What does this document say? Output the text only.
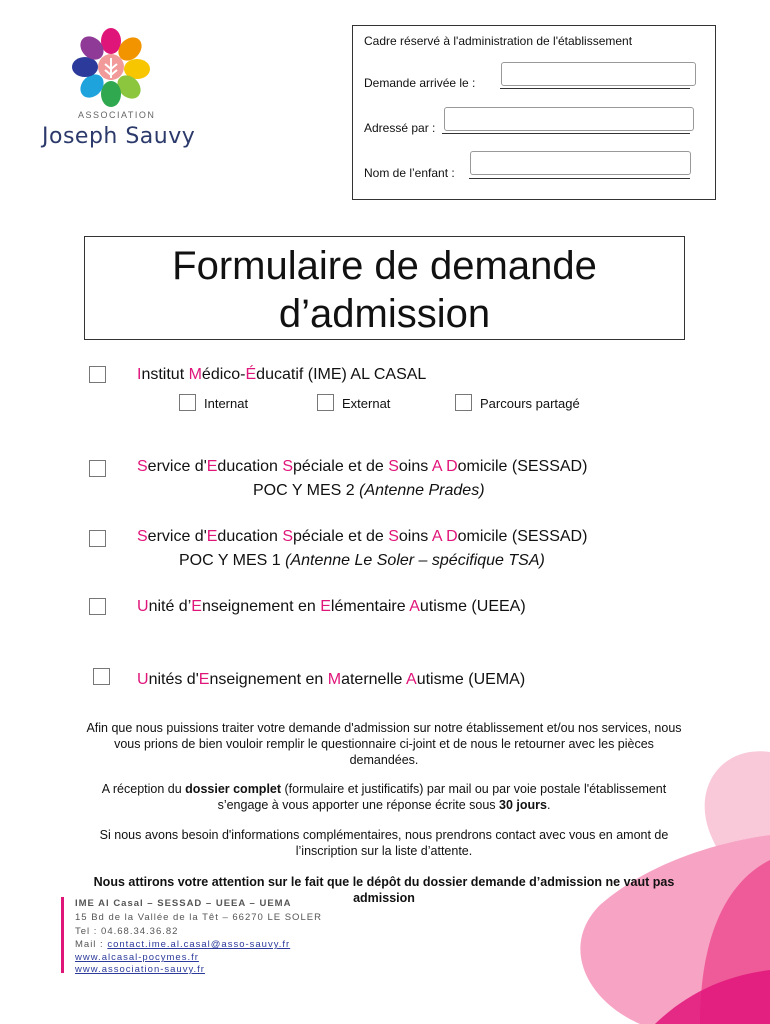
ASSOCIATION
Joseph Sauvy
Cadre réservé à l'administration de l'établissement
Demande arrivée le :
Adressé par :
Nom de l’enfant :
Formulaire de demande
d’admission
Institut Médico-Éducatif (IME) AL CASAL
Internat	Externat	Parcours partagé
Service d'Education Spéciale et de Soins A Domicile (SESSAD)
POC Y MES 2 (Antenne Prades)
Service d'Education Spéciale et de Soins A Domicile (SESSAD)
POC Y MES 1 (Antenne Le Soler – spécifique TSA)
Unité d’Enseignement en Elémentaire Autisme (UEEA)
Unités d'Enseignement en Maternelle Autisme (UEMA)
Afin que nous puissions traiter votre demande d'admission sur notre établissement et/ou nos services, nous vous prions de bien vouloir remplir le questionnaire ci-joint et de nous le retourner avec les pièces demandées.
A réception du dossier complet (formulaire et justificatifs) par mail ou par voie postale l'établissement s’engage à vous apporter une réponse écrite sous 30 jours.
Si nous avons besoin d'informations complémentaires, nous prendrons contact avec vous en amont de l’inscription sur la liste d’attente.
Nous attirons votre attention sur le fait que le dépôt du dossier demande d’admission ne vaut pas admission
IME Al Casal – SESSAD – UEEA – UEMA
15 Bd de la Vallée de la Têt – 66270 LE SOLER
Tel : 04.68.34.36.82
Mail : contact.ime.al.casal@asso-sauvy.fr
www.alcasal-pocymes.fr
www.association-sauvy.fr
